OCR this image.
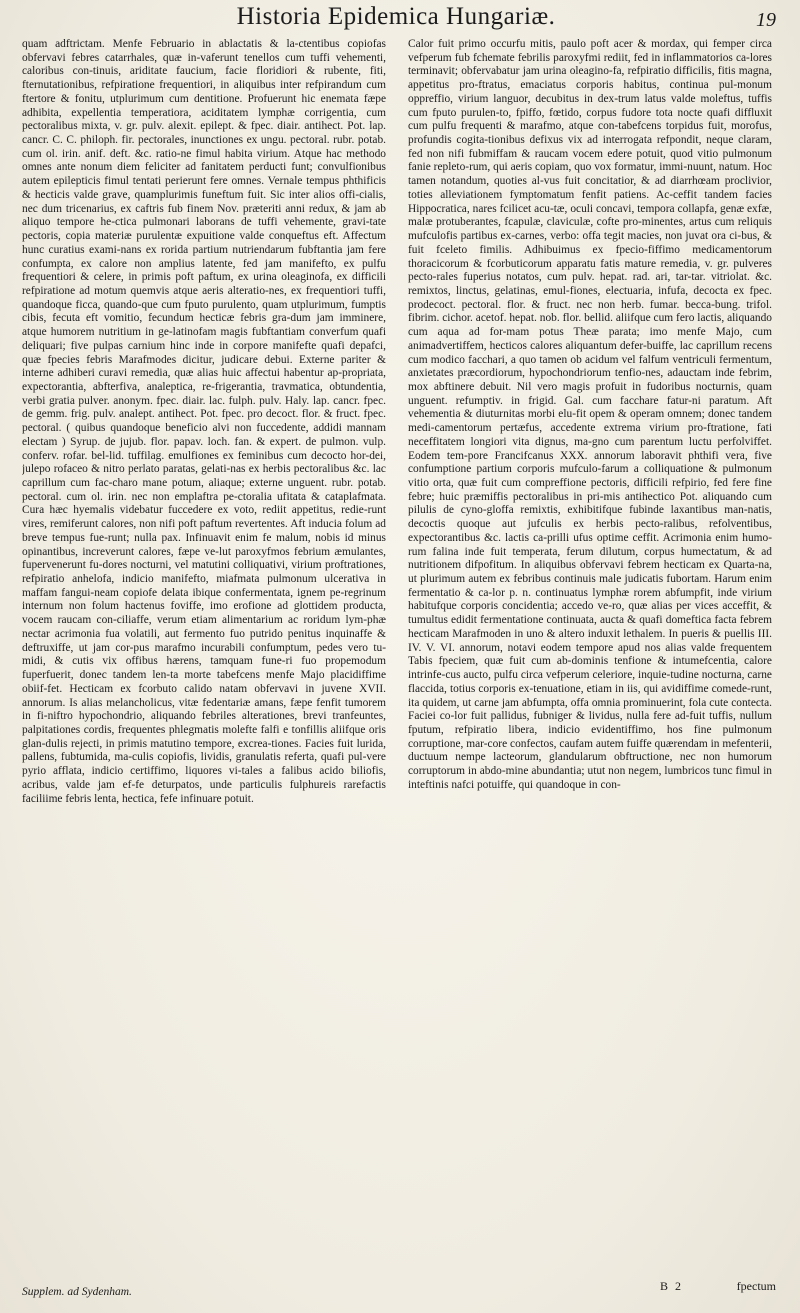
Historia Epidemica Hungariæ.	19

quam adftrictam. Menfe Februario in ablactatis & la-ctentibus copiofas obfervavi febres catarrhales, quæ in-vaferunt tenellos cum tuffi vehementi, caloribus con-tinuis, ariditate faucium, facie floridiori & rubente, fiti, fternutationibus, refpiratione frequentiori, in aliquibus inter refpirandum cum ftertore & fonitu, utplurimum cum dentitione. Profuerunt hic enemata fæpe adhibita, expellentia temperatiora, aciditatem lymphæ corrigentia, cum pectoralibus mixta, v. gr. pulv. alexit. epilept. & fpec. diair. antihect. Pot. lap. cancr. C. C. philoph. fir. pectorales, inunctiones ex ungu. pectoral. rubr. potab. cum ol. irin. anif. deft. &c. ratio-ne fimul habita virium. Atque hac methodo omnes ante nonum diem feliciter ad fanitatem perducti funt; convulfionibus autem epilepticis fimul tentati perierunt fere omnes. Vernale tempus phthificis & hecticis valde grave, quamplurimis funeftum fuit. Sic inter alios offi-cialis, nec dum tricenarius, ex caftris fub finem Nov. præteriti anni redux, & jam ab aliquo tempore he-ctica pulmonari laborans de tuffi vehemente, gravi-tate pectoris, copia materiæ purulentæ expuitione valde conqueftus eft. Affectum hunc curatius exami-nans ex rorida partium nutriendarum fubftantia jam fere confumpta, ex calore non amplius latente, fed jam manifefto, ex pulfu frequentiori & celere, in primis poft paftum, ex urina oleaginofa, ex difficili refpiratione ad motum quemvis atque aeris alteratio-nes, ex frequentiori tuffi, quandoque ficca, quando-que cum fputo purulento, quam utplurimum, fumptis cibis, fecuta eft vomitio, fecundum hecticæ febris gra-dum jam imminere, atque humorem nutritium in ge-latinofam magis fubftantiam converfum quafi deliquari; five pulpas carnium hinc inde in corpore manifefte quafi depafci, quæ fpecies febris Marafmodes dicitur, judicare debui. Externe pariter & interne adhiberi curavi remedia, quæ alias huic affectui habentur ap-propriata, expectorantia, abfterfiva, analeptica, re-frigerantia, travmatica, obtundentia, verbi gratia pulver. anonym. fpec. diair. lac. fulph. pulv. Haly. lap. cancr. fpec. de gemm. frig. pulv. analept. antihect. Pot. fpec. pro decoct. flor. & fruct. fpec. pectoral. ( quibus quandoque beneficio alvi non fuccedente, addidi mannam electam ) Syrup. de jujub. flor. papav. loch. fan. & expert. de pulmon. vulp. conferv. rofar. bel-lid. tuffilag. emulfiones ex feminibus cum decocto hor-dei, julepo rofaceo & nitro perlato paratas, gelati-nas ex herbis pectoralibus &c. lac caprillum cum fac-charo mane potum, aliaque; externe unguent. rubr. potab. pectoral. cum ol. irin. nec non emplaftra pe-ctoralia ufitata & cataplafmata. Cura hæc hyemalis videbatur fuccedere ex voto, rediit appetitus, redie-runt vires, remiferunt calores, non nifi poft paftum revertentes. Aft inducia folum ad breve tempus fue-runt; nulla pax. Infinuavit enim fe malum, nobis id minus opinantibus, increverunt calores, fæpe ve-lut paroxyfmos febrium æmulantes, fupervenerunt fu-dores nocturni, vel matutini colliquativi, virium proftrationes, refpiratio anhelofa, indicio manifefto, miafmata pulmonum ulcerativa in maffam fangui-neam copiofe delata ibique confermentata, ignem pe-regrinum internum non folum hactenus foviffe, imo erofione ad glottidem producta, vocem raucam con-ciliaffe, verum etiam alimentarium ac roridum lym-phæ nectar acrimonia fua volatili, aut fermento fuo putrido penitus inquinaffe & deftruxiffe, ut jam cor-pus marafmo incurabili confumptum, pedes vero tu-midi, & cutis vix offibus hærens, tamquam fune-ri fuo propemodum fuperfuerit, donec tandem len-ta morte tabefcens menfe Majo placidiffime obiif-fet. Hecticam ex fcorbuto calido natam obfervavi in juvene XVII. annorum. Is alias melancholicus, vitæ fedentariæ amans, fæpe fenfit tumorem in fi-niftro hypochondrio, aliquando febriles alterationes, brevi tranfeuntes, palpitationes cordis, frequentes phlegmatis molefte falfi e tonfillis aliifque oris glan-dulis rejecti, in primis matutino tempore, excrea-tiones. Facies fuit lurida, pallens, fubtumida, ma-culis copiofis, lividis, granulatis referta, quafi pul-vere pyrio afflata, indicio certiffimo, liquores vi-tales a falibus acido biliofis, acribus, valde jam ef-fe deturpatos, unde particulis fulphureis rarefactis faciliime febris lenta, hectica, fefe infinuare potuit.

Calor fuit primo occurfu mitis, paulo poft acer & mordax, qui femper circa vefperum fub fchemate febrilis paroxyfmi rediit, fed in inflammatorios ca-lores terminavit; obfervabatur jam urina oleagino-fa, refpiratio difficilis, fitis magna, appetitus pro-ftratus, emaciatus corporis habitus, continua pul-monum oppreffio, virium languor, decubitus in dex-trum latus valde moleftus, tuffis cum fputo purulen-to, fpiffo, fœtido, corpus fudore tota nocte quafi diffluxit cum pulfu frequenti & marafmo, atque con-tabefcens torpidus fuit, morofus, profundis cogita-tionibus defixus vix ad interrogata refpondit, neque claram, fed non nifi fubmiffam & raucam vocem edere potuit, quod vitio pulmonum fanie repleto-rum, qui aeris copiam, quo vox formatur, immi-nuunt, natum. Hoc tamen notandum, quoties al-vus fuit concitatior, & ad diarrhœam proclivior, toties alleviationem fymptomatum fenfit patiens. Ac-ceffit tandem facies Hippocratica, nares fcilicet acu-tæ, oculi concavi, tempora collapfa, genæ exfæ, malæ protuberantes, fcapulæ, claviculæ, cofte pro-minentes, artus cum reliquis mufculofis partibus ex-carnes, verbo: offa tegit macies, non juvat ora ci-bus, & fuit fceleto fimilis. Adhibuimus ex fpecio-fiffimo medicamentorum thoracicorum & fcorbuticorum apparatu fatis mature remedia, v. gr. pulveres pecto-rales fuperius notatos, cum pulv. hepat. rad. ari, tar-tar. vitriolat. &c. remixtos, linctus, gelatinas, emul-fiones, electuaria, infufa, decocta ex fpec. prodecoct. pectoral. flor. & fruct. nec non herb. fumar. becca-bung. trifol. fibrim. cichor. acetof. hepat. nob. flor. bellid. aliifque cum fero lactis, aliquando cum aqua ad for-mam potus Theæ parata; imo menfe Majo, cum animadvertiffem, hecticos calores aliquantum defer-buiffe, lac caprillum recens cum modico facchari, a quo tamen ob acidum vel falfum ventriculi fermentum, anxietates præcordiorum, hypochondriorum tenfio-nes, adauctam inde febrim, mox abftinere debuit. Nil vero magis profuit in fudoribus nocturnis, quam unguent. refumptiv. in frigid. Gal. cum facchare fatur-ni paratum. Aft vehementia & diuturnitas morbi elu-fit opem & operam omnem; donec tandem medi-camentorum pertæfus, accedente extrema virium pro-ftratione, fati neceffitatem longiori vita dignus, ma-gno cum parentum luctu perfolviffet. Eodem tem-pore Francifcanus XXX. annorum laboravit phthifi vera, five confumptione partium corporis mufculo-farum a colliquatione & pulmonum vitio orta, quæ fuit cum compreffione pectoris, difficili refpirio, fed fere fine febre; huic præmiffis pectoralibus in pri-mis antihectico Pot. aliquando cum pilulis de cyno-gloffa remixtis, exhibitifque fubinde laxantibus man-natis, decoctis quoque aut jufculis ex herbis pecto-ralibus, refolventibus, expectorantibus &c. lactis ca-prilli ufus optime ceffit. Acrimonia enim humo-rum falina inde fuit temperata, ferum dilutum, corpus humectatum, & ad nutritionem difpofitum. In aliquibus obfervavi febrem hecticam ex Quarta-na, ut plurimum autem ex febribus continuis male judicatis fubortam. Harum enim fermentatio & ca-lor p. n. continuatus lymphæ rorem abfumpfit, inde virium habitufque corporis concidentia; accedo ve-ro, quæ alias per vices acceffit, & tumultus edidit fermentatione continuata, aucta & quafi domeftica facta febrem hecticam Marafmoden in uno & altero induxit lethalem. In pueris & puellis III. IV. V. VI. annorum, notavi eodem tempore apud nos alias valde frequentem Tabis fpeciem, quæ fuit cum ab-dominis tenfione & intumefcentia, calore intrinfe-cus aucto, pulfu circa vefperum celeriore, inquie-tudine nocturna, carne flaccida, totius corporis ex-tenuatione, etiam in iis, qui avidiffime comede-runt, ita quidem, ut carne jam abfumpta, offa omnia prominuerint, fola cute contecta. Faciei co-lor fuit pallidus, fubniger & lividus, nulla fere ad-fuit tuffis, nullum fputum, refpiratio libera, indicio evidentiffimo, hos fine pulmonum corruptione, mar-core confectos, caufam autem fuiffe quærendam in mefenterii, ductuum nempe lacteorum, glandularum obftructione, nec non humorum corruptorum in abdo-mine abundantia; utut non negem, lumbricos tunc fimul in inteftinis nafci potuiffe, qui quandoque in con-

Supplem. ad Sydenham.	B 2	fpectum
